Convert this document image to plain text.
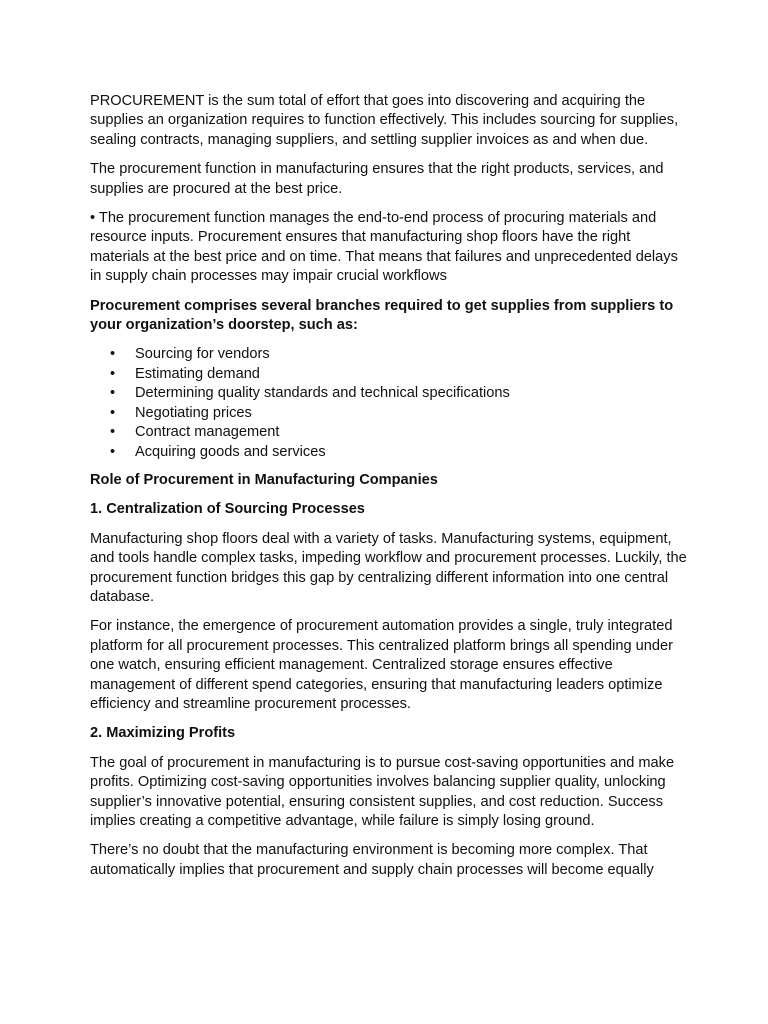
PROCUREMENT is the sum total of effort that goes into discovering and acquiring the supplies an organization requires to function effectively. This includes sourcing for supplies, sealing contracts, managing suppliers, and settling supplier invoices as and when due.

The procurement function in manufacturing ensures that the right products, services, and supplies are procured at the best price.

• The procurement function manages the end-to-end process of procuring materials and resource inputs. Procurement ensures that manufacturing shop floors have the right materials at the best price and on time. That means that failures and unprecedented delays in supply chain processes may impair crucial workflows

Procurement comprises several branches required to get supplies from suppliers to your organization’s doorstep, such as:

• Sourcing for vendors
• Estimating demand
• Determining quality standards and technical specifications
• Negotiating prices
• Contract management
• Acquiring goods and services

Role of Procurement in Manufacturing Companies

1. Centralization of Sourcing Processes

Manufacturing shop floors deal with a variety of tasks. Manufacturing systems, equipment, and tools handle complex tasks, impeding workflow and procurement processes. Luckily, the procurement function bridges this gap by centralizing different information into one central database.

For instance, the emergence of procurement automation provides a single, truly integrated platform for all procurement processes. This centralized platform brings all spending under one watch, ensuring efficient management. Centralized storage ensures effective management of different spend categories, ensuring that manufacturing leaders optimize efficiency and streamline procurement processes.

2. Maximizing Profits

The goal of procurement in manufacturing is to pursue cost-saving opportunities and make profits. Optimizing cost-saving opportunities involves balancing supplier quality, unlocking supplier’s innovative potential, ensuring consistent supplies, and cost reduction. Success implies creating a competitive advantage, while failure is simply losing ground.

There’s no doubt that the manufacturing environment is becoming more complex. That automatically implies that procurement and supply chain processes will become equally
